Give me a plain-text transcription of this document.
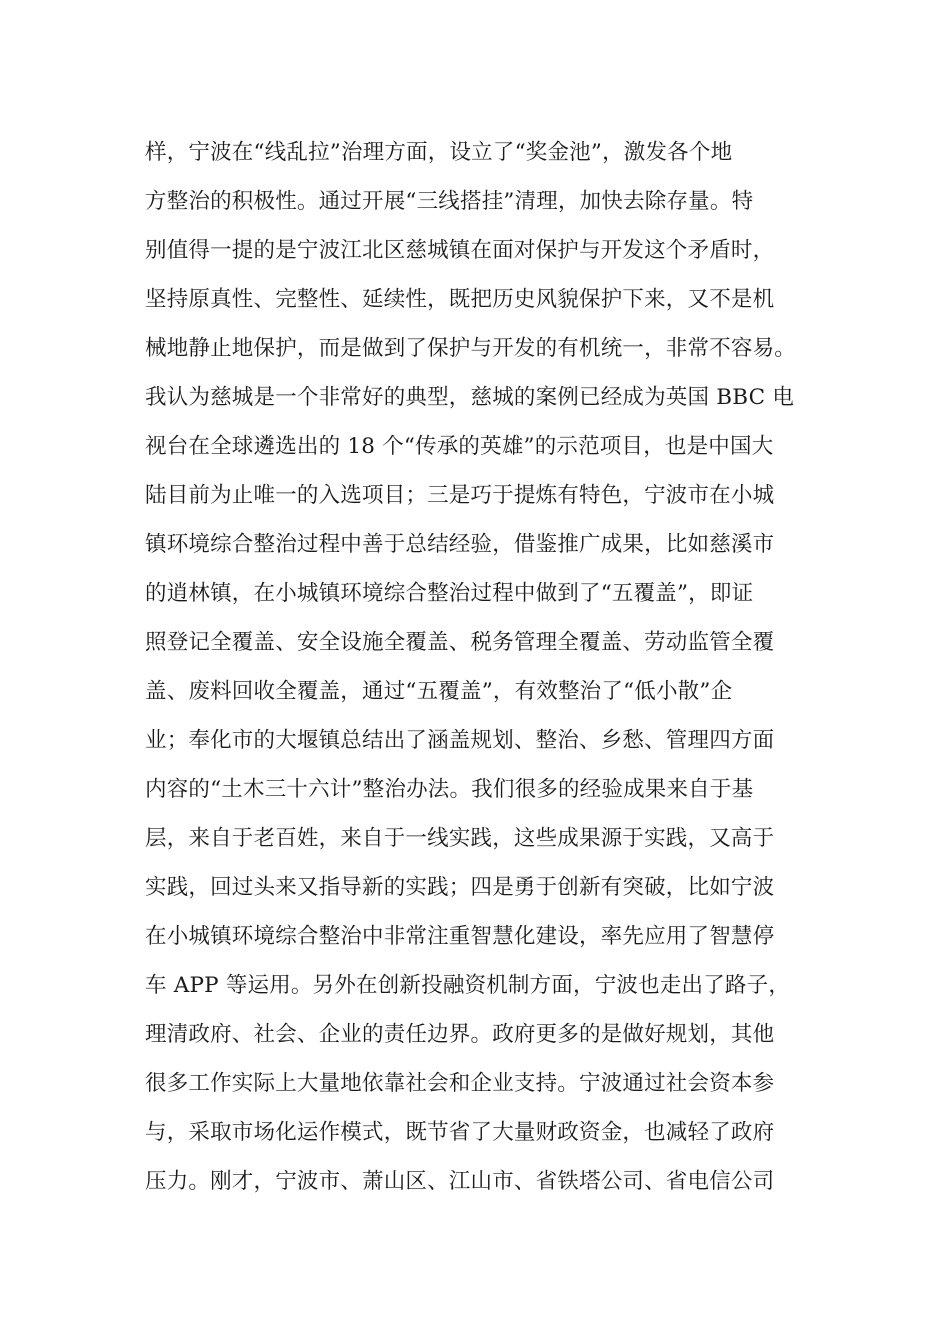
样，宁波在“线乱拉”治理方面，设立了“奖金池”，激发各个地
方整治的积极性。通过开展“三线搭挂”清理，加快去除存量。特
别值得一提的是宁波江北区慈城镇在面对保护与开发这个矛盾时，
坚持原真性、完整性、延续性，既把历史风貌保护下来，又不是机
械地静止地保护，而是做到了保护与开发的有机统一，非常不容易。
我认为慈城是一个非常好的典型，慈城的案例已经成为英国 BBC 电
视台在全球遴选出的 18 个“传承的英雄”的示范项目，也是中国大
陆目前为止唯一的入选项目；三是巧于提炼有特色，宁波市在小城
镇环境综合整治过程中善于总结经验，借鉴推广成果，比如慈溪市
的逍林镇，在小城镇环境综合整治过程中做到了“五覆盖”，即证
照登记全覆盖、安全设施全覆盖、税务管理全覆盖、劳动监管全覆
盖、废料回收全覆盖，通过“五覆盖”，有效整治了“低小散”企
业；奉化市的大堰镇总结出了涵盖规划、整治、乡愁、管理四方面
内容的“土木三十六计”整治办法。我们很多的经验成果来自于基
层，来自于老百姓，来自于一线实践，这些成果源于实践，又高于
实践，回过头来又指导新的实践；四是勇于创新有突破，比如宁波
在小城镇环境综合整治中非常注重智慧化建设，率先应用了智慧停
车 APP 等运用。另外在创新投融资机制方面，宁波也走出了路子，
理清政府、社会、企业的责任边界。政府更多的是做好规划，其他
很多工作实际上大量地依靠社会和企业支持。宁波通过社会资本参
与，采取市场化运作模式，既节省了大量财政资金，也减轻了政府
压力。刚才，宁波市、萧山区、江山市、省铁塔公司、省电信公司
